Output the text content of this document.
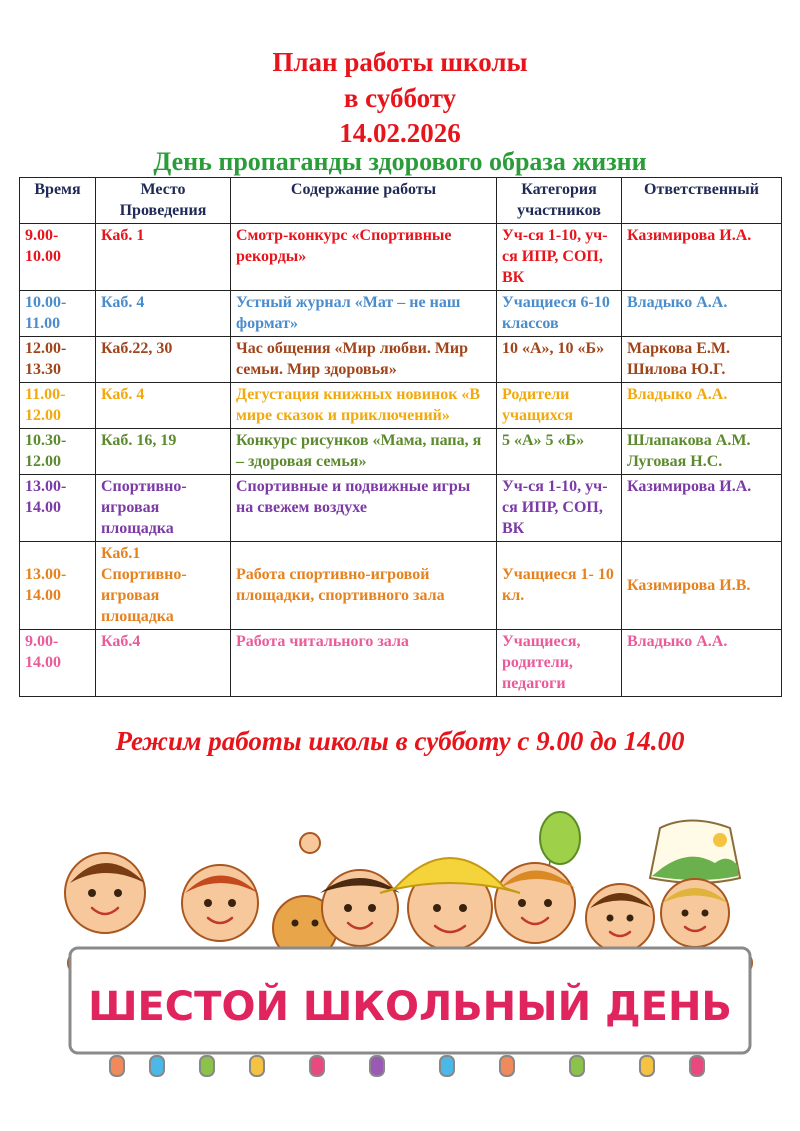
План работы школы
в субботу
14.02.2026
День пропаганды здорового образа жизни
Время	Место Проведения	Содержание работы	Категория участников	Ответственный
9.00- 10.00	Каб. 1	Смотр-конкурс «Спортивные рекорды»	Уч-ся 1-10, уч-ся ИПР, СОП, ВК	Казимирова И.А.
10.00- 11.00	Каб. 4	Устный журнал «Мат – не наш формат»	Учащиеся 6-10 классов	Владыко А.А.
12.00- 13.30	Каб.22, 30	Час общения «Мир любви. Мир семьи. Мир здоровья»	10 «А», 10 «Б»	Маркова Е.М. Шилова Ю.Г.
11.00- 12.00	Каб. 4	Дегустация книжных новинок «В мире сказок и приключений»	Родители учащихся	Владыко А.А.
10.30- 12.00	Каб. 16, 19	Конкурс рисунков «Мама, папа, я – здоровая семья»	5 «А» 5 «Б»	Шлапакова А.М. Луговая Н.С.
13.00- 14.00	Спортивно- игровая площадка	Спортивные и подвижные игры на свежем воздухе	Уч-ся 1-10, уч-ся ИПР, СОП, ВК	Казимирова И.А.
13.00- 14.00	Каб.1 Спортивно- игровая площадка	Работа спортивно-игровой площадки, спортивного зала	Учащиеся 1- 10 кл.	Казимирова И.В.
9.00- 14.00	Каб.4	Работа читального зала	Учащиеся, родители, педагоги	Владыко А.А.
Режим работы школы в субботу с 9.00 до 14.00
ШЕСТОЙ ШКОЛЬНЫЙ ДЕНЬ
